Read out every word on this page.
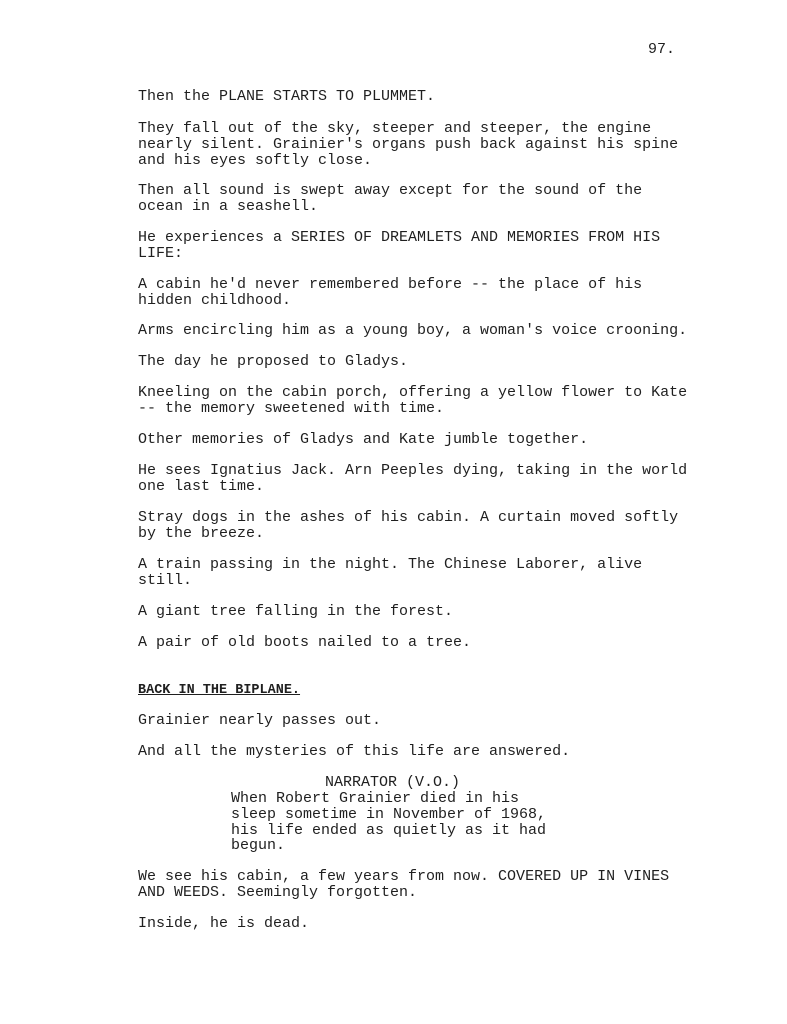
97.

Then the PLANE STARTS TO PLUMMET.

They fall out of the sky, steeper and steeper, the engine
nearly silent. Grainier's organs push back against his spine
and his eyes softly close.

Then all sound is swept away except for the sound of the
ocean in a seashell.

He experiences a SERIES OF DREAMLETS AND MEMORIES FROM HIS
LIFE:

A cabin he'd never remembered before -- the place of his
hidden childhood.

Arms encircling him as a young boy, a woman's voice crooning.

The day he proposed to Gladys.

Kneeling on the cabin porch, offering a yellow flower to Kate
-- the memory sweetened with time.

Other memories of Gladys and Kate jumble together.

He sees Ignatius Jack. Arn Peeples dying, taking in the world
one last time.

Stray dogs in the ashes of his cabin. A curtain moved softly
by the breeze.

A train passing in the night. The Chinese Laborer, alive
still.

A giant tree falling in the forest.

A pair of old boots nailed to a tree.

BACK IN THE BIPLANE.

Grainier nearly passes out.

And all the mysteries of this life are answered.

NARRATOR (V.O.)

When Robert Grainier died in his
sleep sometime in November of 1968,
his life ended as quietly as it had
begun.

We see his cabin, a few years from now. COVERED UP IN VINES
AND WEEDS. Seemingly forgotten.

Inside, he is dead.
